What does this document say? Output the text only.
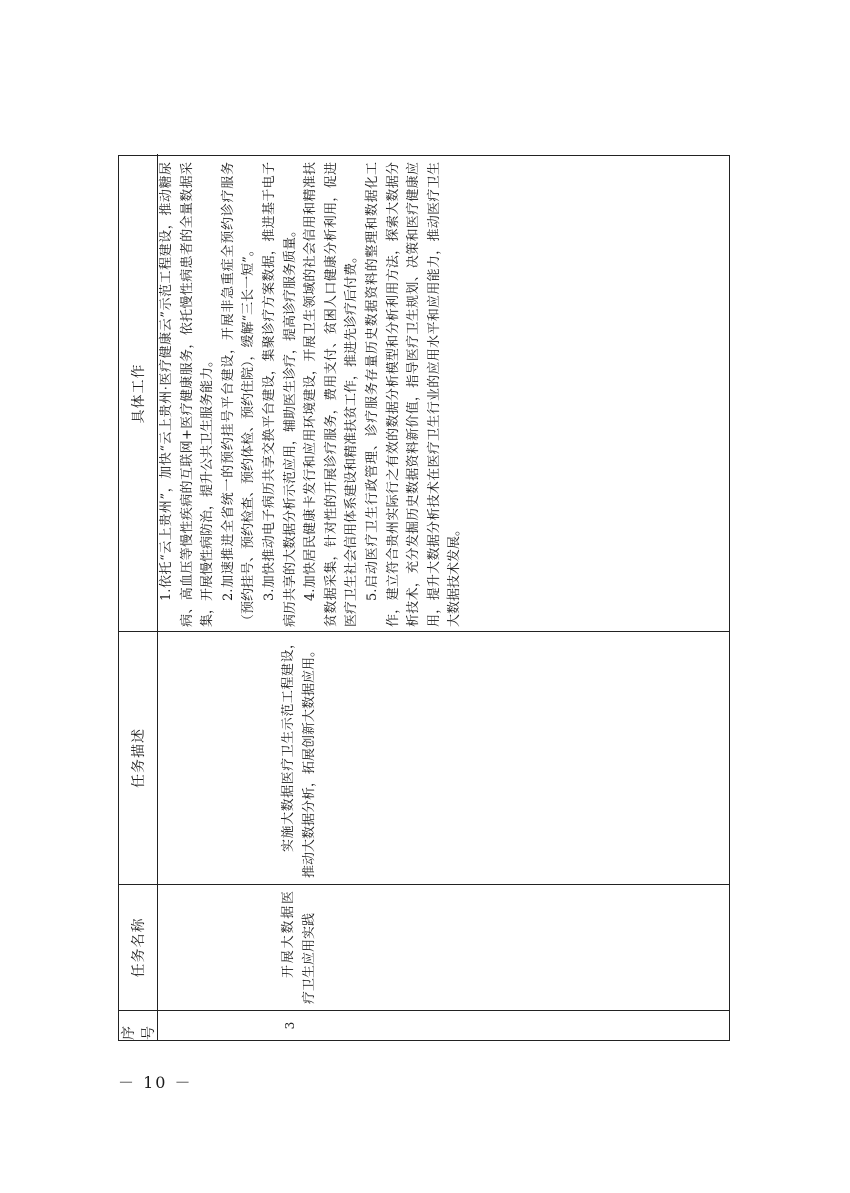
序号
任务名称
任务描述
具体工作
3

开展大数据医疗卫生应用实践

实施大数据医疗卫生示范工程建设，推动大数据分析，拓展创新大数据应用。

1.依托“云上贵州”，加快“云上贵州·医疗健康云”示范工程建设，推动糖尿病、高血压等慢性疾病的互联网+医疗健康服务，依托慢性病患者的全量数据采集，开展慢性病防治，提升公共卫生服务能力。 2.加速推进全省统一的预约挂号平台建设，开展非急重症全预约诊疗服务（预约挂号、预约检查、预约体检、预约住院），缓解“三长一短”。 3.加快推动电子病历共享交换平台建设，集聚诊疗方案数据，推进基于电子病历共享的大数据分析示范应用，辅助医生诊疗，提高诊疗服务质量。 4.加快居民健康卡发行和应用环境建设，开展卫生领域的社会信用和精准扶贫数据采集，针对性的开展诊疗服务，费用支付、贫困人口健康分析利用，促进医疗卫生社会信用体系建设和精准扶贫工作，推进先诊疗后付费。 5.启动医疗卫生行政管理、诊疗服务存量历史数据资料的整理和数据化工作，建立符合贵州实际行之有效的数据分析模型和分析利用方法，探索大数据分析技术，充分发掘历史数据资料新价值，指导医疗卫生规划、决策和医疗健康应用，提升大数据分析技术在医疗卫生行业的应用水平和应用能力，推动医疗卫生大数据技术发展。

－ 10 －
